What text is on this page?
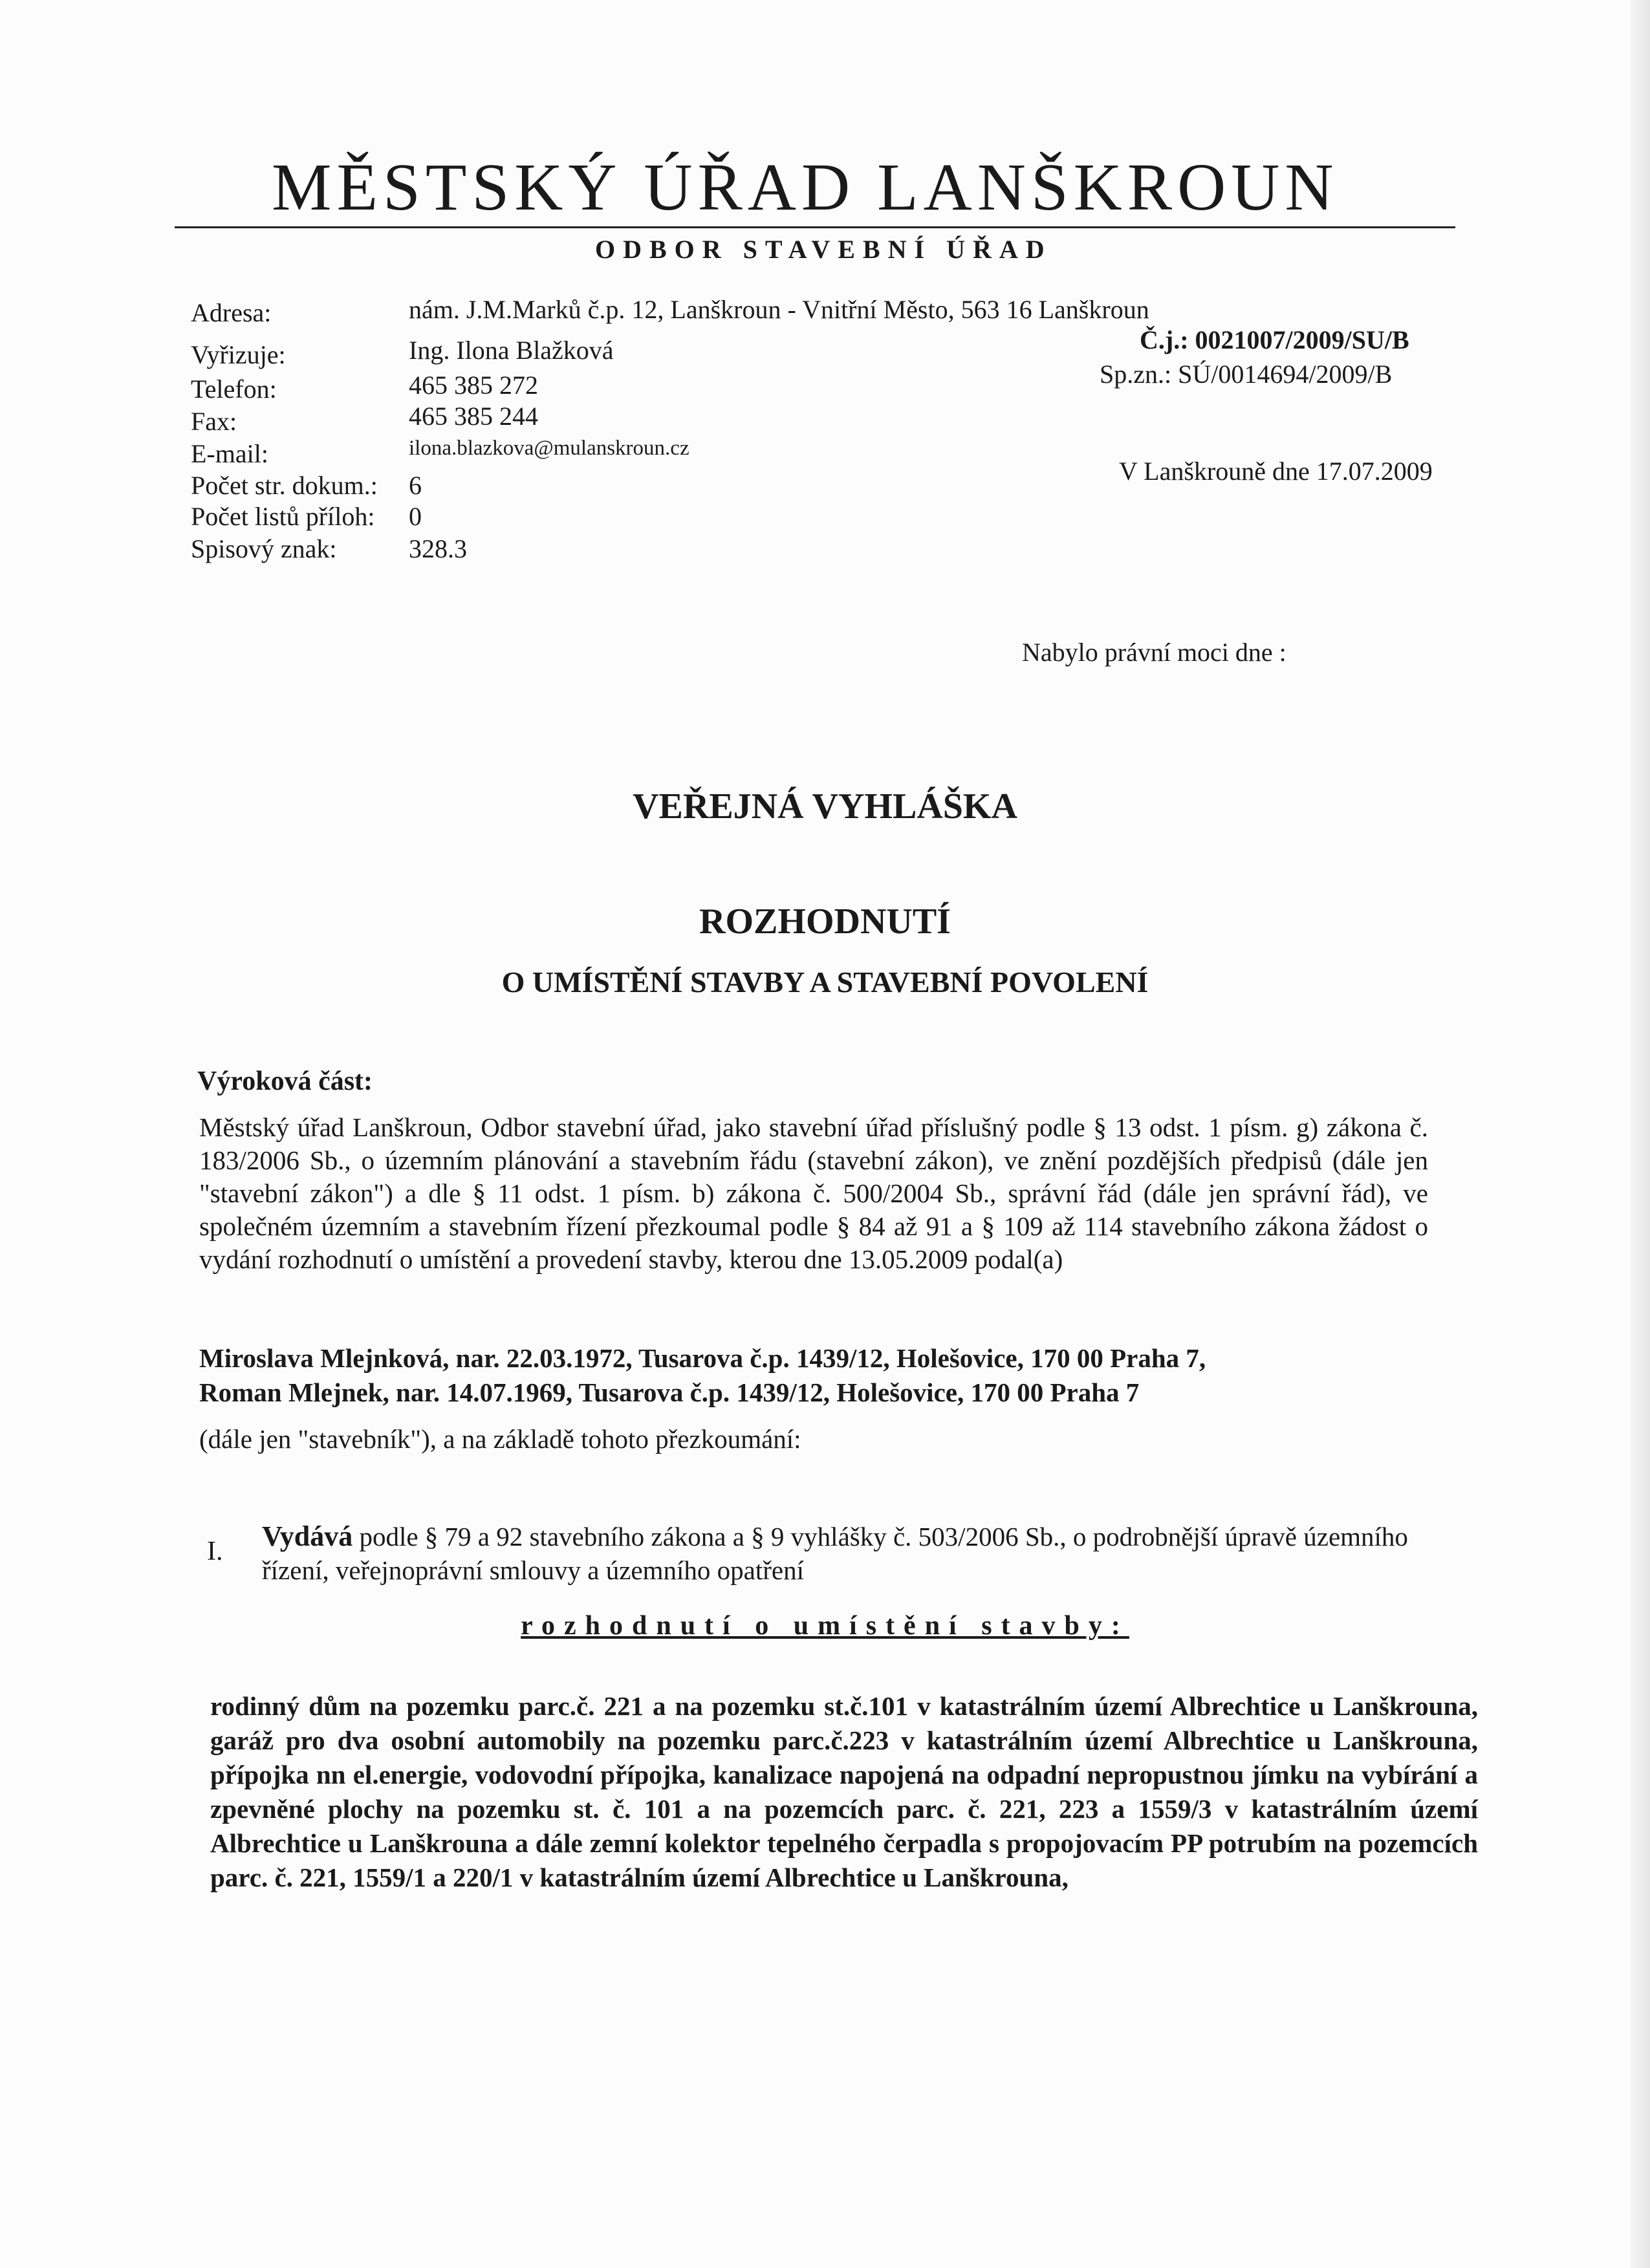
MĚSTSKÝ ÚŘAD LANŠKROUN
ODBOR STAVEBNÍ ÚŘAD
Adresa:	nám. J.M.Marků č.p. 12, Lanškroun - Vnitřní Město, 563 16 Lanškroun
Vyřizuje:	Ing. Ilona Blažková
Telefon:	465 385 272
Fax:	465 385 244
E-mail:	ilona.blazkova@mulanskroun.cz
Počet str. dokum.: 6
Počet listů příloh: 0
Spisový znak:	328.3
Č.j.: 0021007/2009/SU/B
Sp.zn.: SÚ/0014694/2009/B
V Lanškrouně dne 17.07.2009
Nabylo právní moci dne :
VEŘEJNÁ VYHLÁŠKA
ROZHODNUTÍ
O UMÍSTĚNÍ STAVBY A STAVEBNÍ POVOLENÍ
Výroková část:
Městský úřad Lanškroun, Odbor stavební úřad, jako stavební úřad příslušný podle § 13 odst. 1 písm. g) zákona č. 183/2006 Sb., o územním plánování a stavebním řádu (stavební zákon), ve znění pozdějších předpisů (dále jen "stavební zákon") a dle § 11 odst. 1 písm. b) zákona č. 500/2004 Sb., správní řád (dále jen správní řád), ve společném územním a stavebním řízení přezkoumal podle § 84 až 91 a § 109 až 114 stavebního zákona žádost o vydání rozhodnutí o umístění a provedení stavby, kterou dne 13.05.2009 podal(a)
Miroslava Mlejnková, nar. 22.03.1972, Tusarova č.p. 1439/12, Holešovice, 170 00 Praha 7,
Roman Mlejnek, nar. 14.07.1969, Tusarova č.p. 1439/12, Holešovice, 170 00 Praha 7
(dále jen "stavebník"), a na základě tohoto přezkoumání:
I. Vydává podle § 79 a 92 stavebního zákona a § 9 vyhlášky č. 503/2006 Sb., o podrobnější úpravě územního řízení, veřejnoprávní smlouvy a územního opatření
rozhodnutí o umístění stavby:
rodinný dům na pozemku parc.č. 221 a na pozemku st.č.101 v katastrálním území Albrechtice u Lanškrouna, garáž pro dva osobní automobily na pozemku parc.č.223 v katastrálním území Albrechtice u Lanškrouna, přípojka nn el.energie, vodovodní přípojka, kanalizace napojená na odpadní nepropustnou jímku na vybírání a zpevněné plochy na pozemku st. č. 101 a na pozemcích parc. č. 221, 223 a 1559/3 v katastrálním území Albrechtice u Lanškrouna a dále zemní kolektor tepelného čerpadla s propojovacím PP potrubím na pozemcích parc. č. 221, 1559/1 a 220/1 v katastrálním území Albrechtice u Lanškrouna,
